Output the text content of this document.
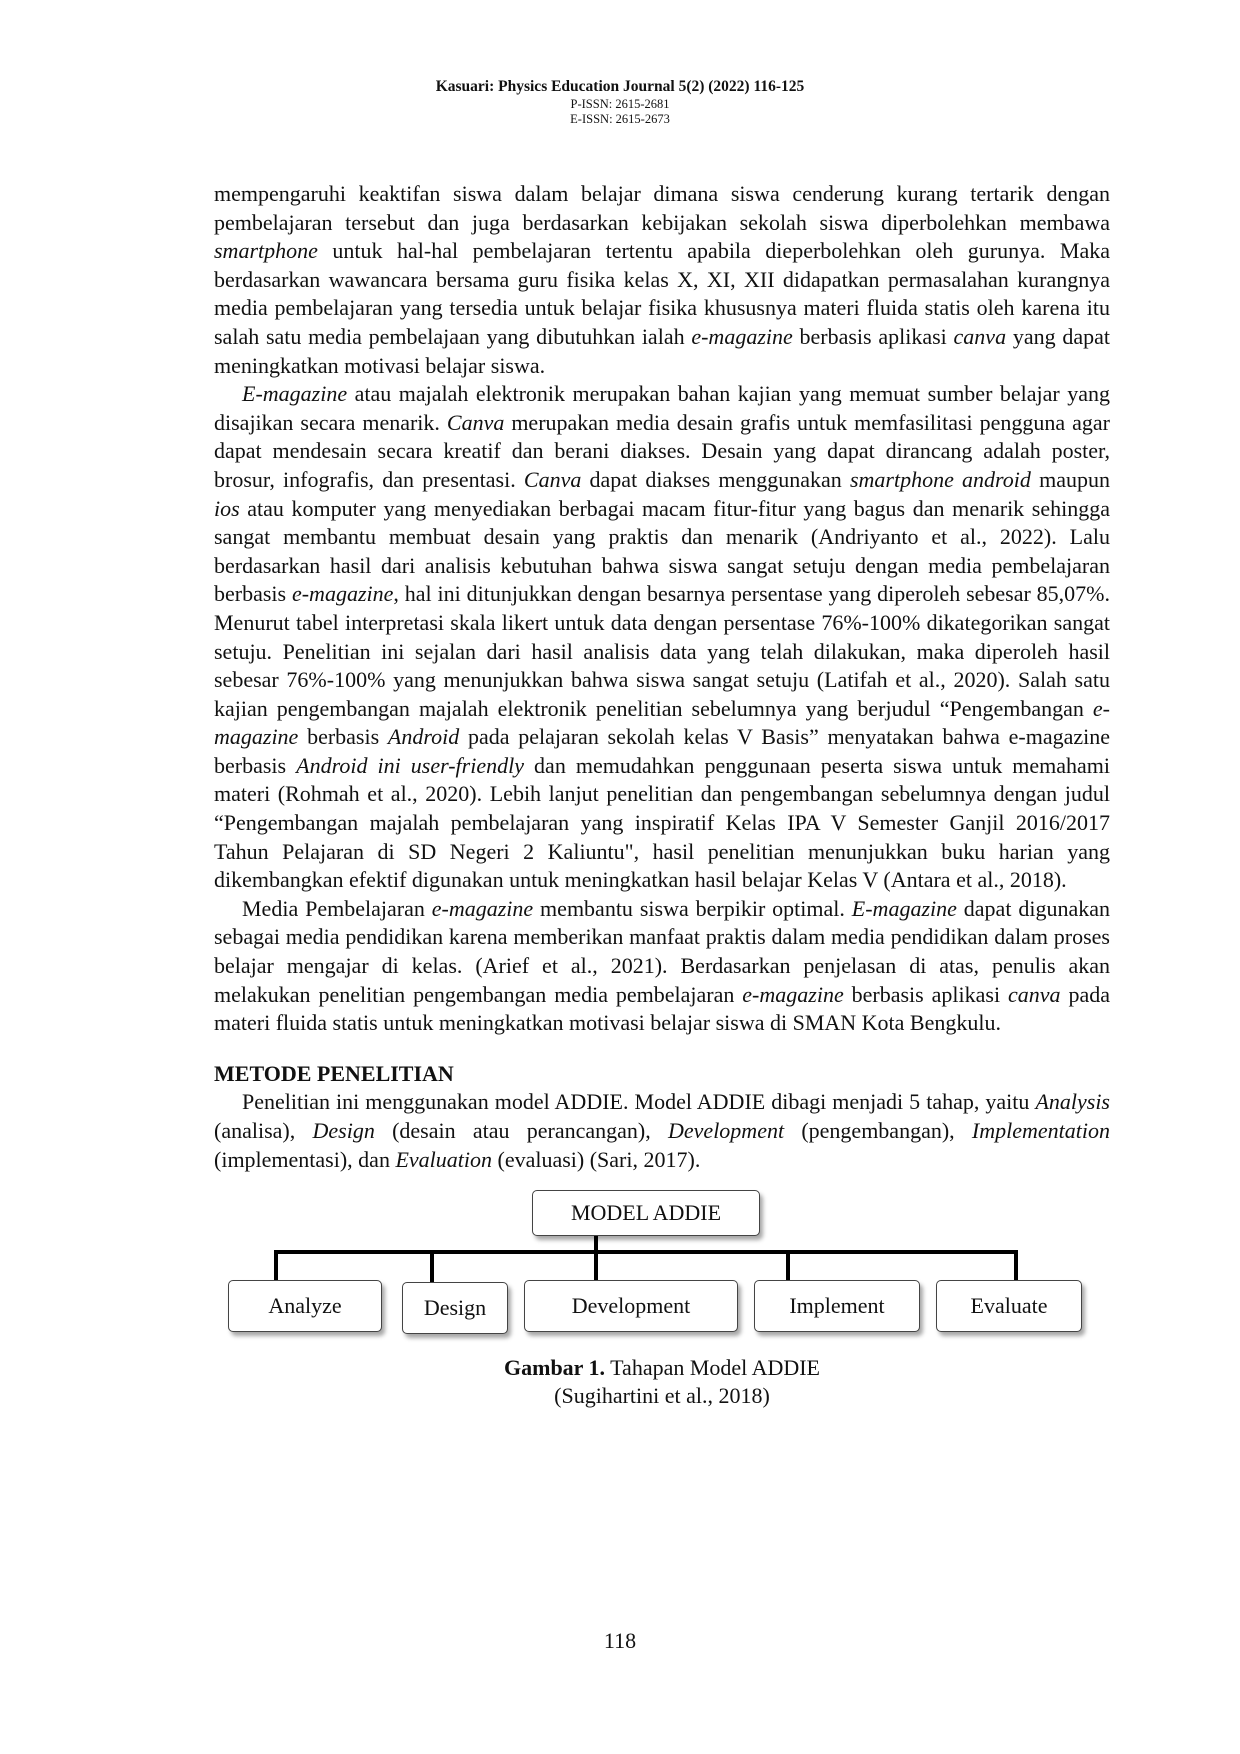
Kasuari: Physics Education Journal 5(2) (2022) 116-125
P-ISSN: 2615-2681
E-ISSN: 2615-2673

mempengaruhi keaktifan siswa dalam belajar dimana siswa cenderung kurang tertarik dengan pembelajaran tersebut dan juga berdasarkan kebijakan sekolah siswa diperbolehkan membawa smartphone untuk hal-hal pembelajaran tertentu apabila dieperbolehkan oleh gurunya. Maka berdasarkan wawancara bersama guru fisika kelas X, XI, XII didapatkan permasalahan kurangnya media pembelajaran yang tersedia untuk belajar fisika khususnya materi fluida statis oleh karena itu salah satu media pembelajaan yang dibutuhkan ialah e-magazine berbasis aplikasi canva yang dapat meningkatkan motivasi belajar siswa.

E-magazine atau majalah elektronik merupakan bahan kajian yang memuat sumber belajar yang disajikan secara menarik. Canva merupakan media desain grafis untuk memfasilitasi pengguna agar dapat mendesain secara kreatif dan berani diakses. Desain yang dapat dirancang adalah poster, brosur, infografis, dan presentasi. Canva dapat diakses menggunakan smartphone android maupun ios atau komputer yang menyediakan berbagai macam fitur-fitur yang bagus dan menarik sehingga sangat membantu membuat desain yang praktis dan menarik (Andriyanto et al., 2022). Lalu berdasarkan hasil dari analisis kebutuhan bahwa siswa sangat setuju dengan media pembelajaran berbasis e-magazine, hal ini ditunjukkan dengan besarnya persentase yang diperoleh sebesar 85,07%. Menurut tabel interpretasi skala likert untuk data dengan persentase 76%-100% dikategorikan sangat setuju. Penelitian ini sejalan dari hasil analisis data yang telah dilakukan, maka diperoleh hasil sebesar 76%-100% yang menunjukkan bahwa siswa sangat setuju (Latifah et al., 2020). Salah satu kajian pengembangan majalah elektronik penelitian sebelumnya yang berjudul “Pengembangan e-magazine berbasis Android pada pelajaran sekolah kelas V Basis” menyatakan bahwa e-magazine berbasis Android ini user-friendly dan memudahkan penggunaan peserta siswa untuk memahami materi (Rohmah et al., 2020). Lebih lanjut penelitian dan pengembangan sebelumnya dengan judul “Pengembangan majalah pembelajaran yang inspiratif Kelas IPA V Semester Ganjil 2016/2017 Tahun Pelajaran di SD Negeri 2 Kaliuntu", hasil penelitian menunjukkan buku harian yang dikembangkan efektif digunakan untuk meningkatkan hasil belajar Kelas V (Antara et al., 2018).

Media Pembelajaran e-magazine membantu siswa berpikir optimal. E-magazine dapat digunakan sebagai media pendidikan karena memberikan manfaat praktis dalam media pendidikan dalam proses belajar mengajar di kelas. (Arief et al., 2021). Berdasarkan penjelasan di atas, penulis akan melakukan penelitian pengembangan media pembelajaran e-magazine berbasis aplikasi canva pada materi fluida statis untuk meningkatkan motivasi belajar siswa di SMAN Kota Bengkulu.

METODE PENELITIAN

Penelitian ini menggunakan model ADDIE. Model ADDIE dibagi menjadi 5 tahap, yaitu Analysis (analisa), Design (desain atau perancangan), Development (pengembangan), Implementation (implementasi), dan Evaluation (evaluasi) (Sari, 2017).

MODEL ADDIE
Analyze	Design	Development	Implement	Evaluate
Gambar 1. Tahapan Model ADDIE
(Sugihartini et al., 2018)
118
